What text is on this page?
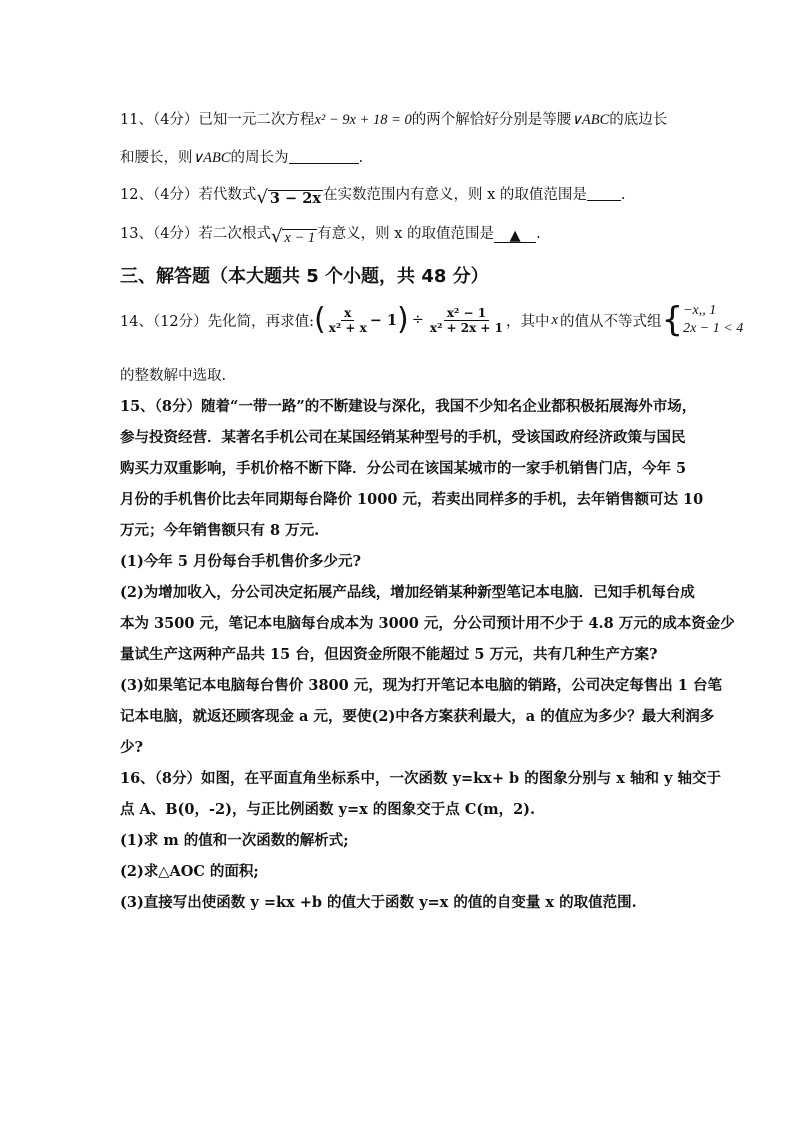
11、（4分）已知一元二次方程x² − 9x + 18 = 0的两个解恰好分别是等腰∨ABC的底边长
和腰长，则∨ABC的周长为	.
12、（4分）若代数式 √ 3 − 2x 在实数范围内有意义，则 x 的取值范围是 .
13、（4分）若二次根式 √ x − 1 有意义，则 x 的取值范围是 ▲ .
三、解答题（本大题共 5 个小题，共 48 分）
14、（12分）先化简，再求值: ( $\frac{x}{\text{x² + x}} - 1$ ) ÷ $\frac{\text{x² − 1}}{\text{x² + 2x + 1}}$ ，其中 x 的值从不等式组 { −x,, 1
2x − 1 < 4
的整数解中选取.
15、（8分）随着“一带一路”的不断建设与深化，我国不少知名企业都积极拓展海外市场，
参与投资经营．某著名手机公司在某国经销某种型号的手机，受该国政府经济政策与国民
购买力双重影响，手机价格不断下降．分公司在该国某城市的一家手机销售门店，今年 5
月份的手机售价比去年同期每台降价 1000 元，若卖出同样多的手机，去年销售额可达 10
万元；今年销售额只有 8 万元.
(1)今年 5 月份每台手机售价多少元?
(2)为增加收入，分公司决定拓展产品线，增加经销某种新型笔记本电脑．已知手机每台成
本为 3500 元，笔记本电脑每台成本为 3000 元，分公司预计用不少于 4.8 万元的成本资金少
量试生产这两种产品共 15 台，但因资金所限不能超过 5 万元，共有几种生产方案?
(3)如果笔记本电脑每台售价 3800 元，现为打开笔记本电脑的销路，公司决定每售出 1 台笔
记本电脑，就返还顾客现金 a 元，要使(2)中各方案获利最大，a 的值应为多少？最大利润多
少?
16、（8分）如图，在平面直角坐标系中，一次函数 y=kx+ b 的图象分别与 x 轴和 y 轴交于
点 A、B(0，-2)，与正比例函数 y=x 的图象交于点 C(m，2).
(1)求 m 的值和一次函数的解析式;
(2)求△AOC 的面积;
(3)直接写出使函数 y =kx +b 的值大于函数 y=x 的值的自变量 x 的取值范围.
